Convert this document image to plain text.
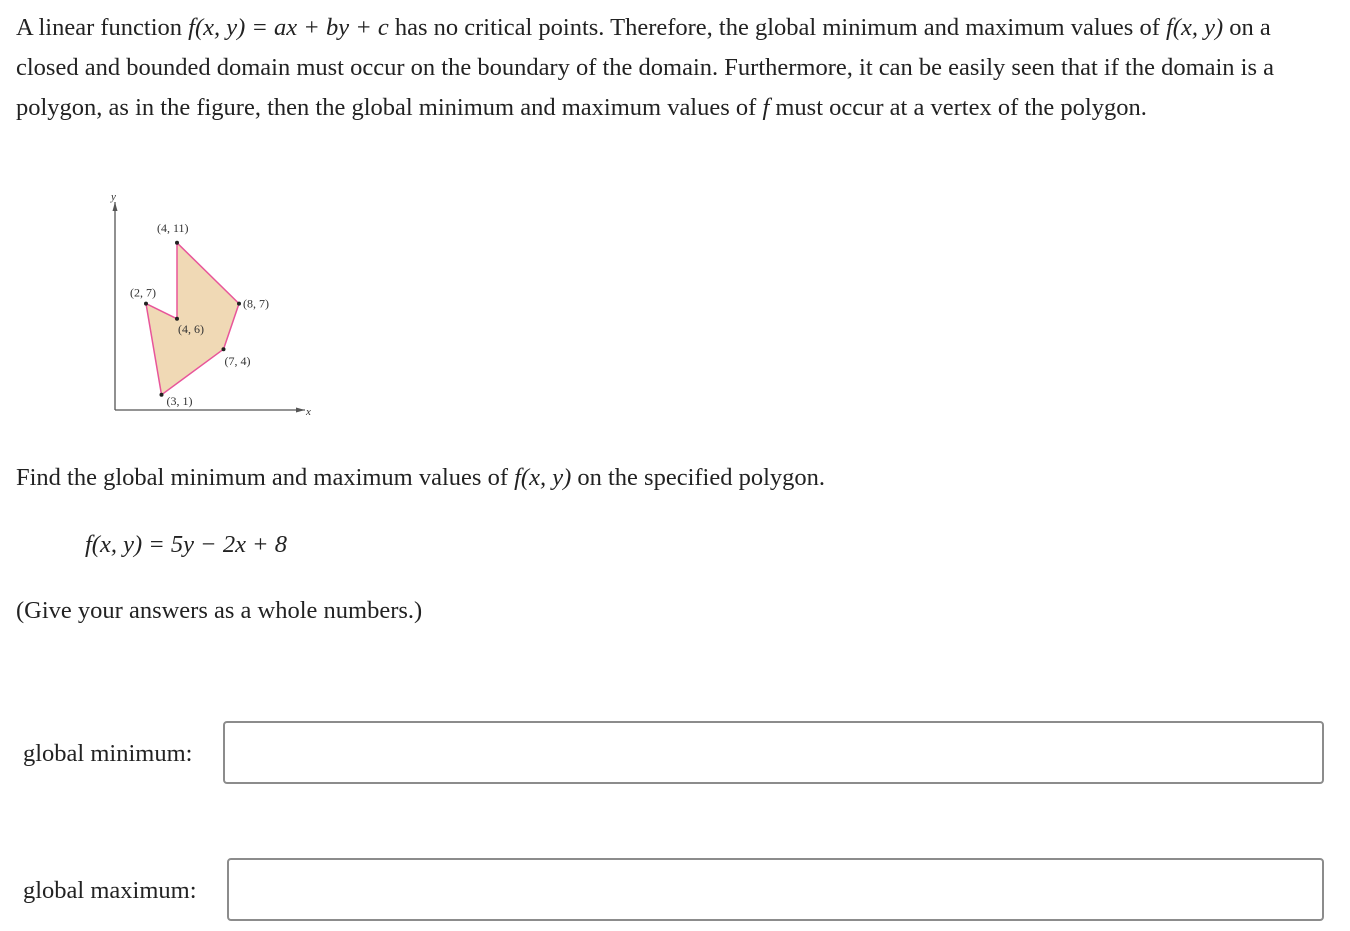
A linear function f(x, y) = ax + by + c has no critical points. Therefore, the global minimum and maximum values of f(x, y) on a closed and bounded domain must occur on the boundary of the domain. Furthermore, it can be easily seen that if the domain is a polygon, as in the figure, then the global minimum and maximum values of f must occur at a vertex of the polygon.

x
y
(4, 11)
(8, 7)
(7, 4)
(3, 1)
(2, 7)
(4, 6)

Find the global minimum and maximum values of f(x, y) on the specified polygon.

f(x, y) = 5y − 2x + 8

(Give your answers as a whole numbers.)

global minimum:
global maximum:
